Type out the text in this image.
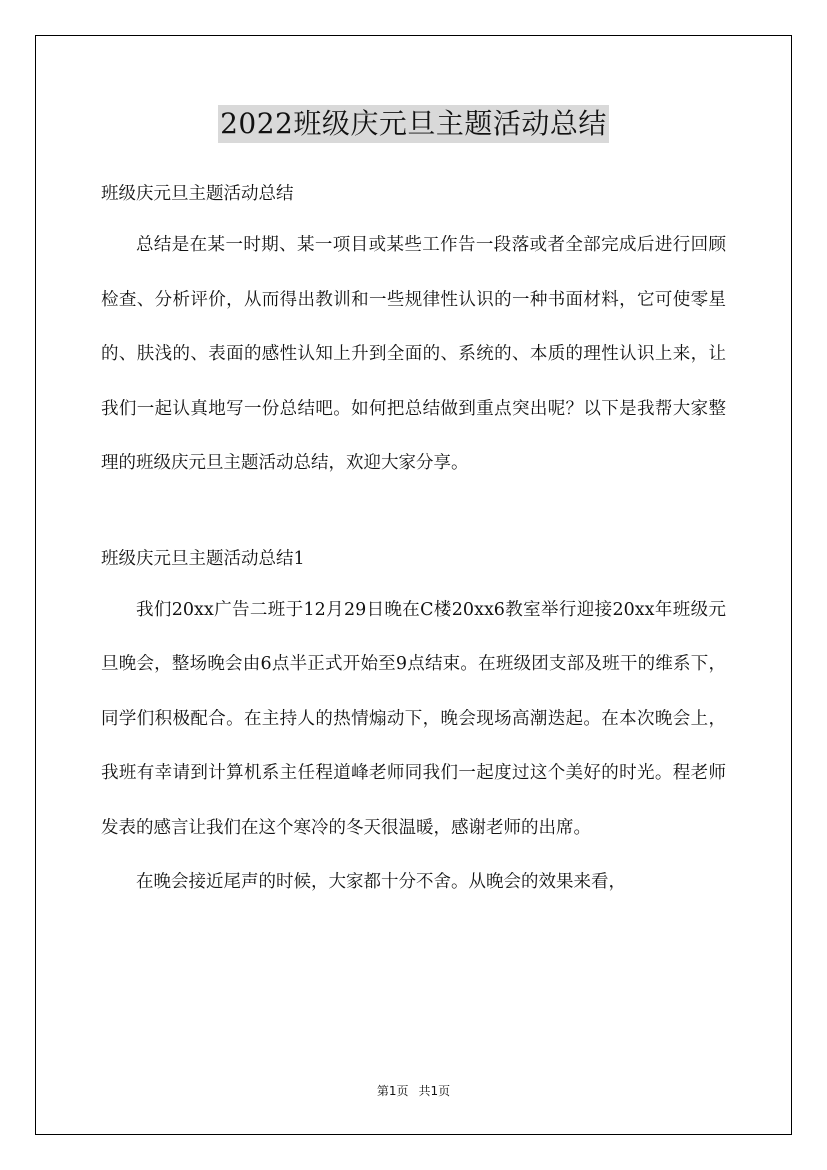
2022班级庆元旦主题活动总结

班级庆元旦主题活动总结

总结是在某一时期、某一项目或某些工作告一段落或者全部完成后进行回顾检查、分析评价，从而得出教训和一些规律性认识的一种书面材料，它可使零星的、肤浅的、表面的感性认知上升到全面的、系统的、本质的理性认识上来，让我们一起认真地写一份总结吧。如何把总结做到重点突出呢？以下是我帮大家整理的班级庆元旦主题活动总结，欢迎大家分享。

班级庆元旦主题活动总结1

我们20xx广告二班于12月29日晚在C楼20xx6教室举行迎接20xx年班级元旦晚会，整场晚会由6点半正式开始至9点结束。在班级团支部及班干的维系下，同学们积极配合。在主持人的热情煽动下，晚会现场高潮迭起。在本次晚会上，我班有幸请到计算机系主任程道峰老师同我们一起度过这个美好的时光。程老师发表的感言让我们在这个寒冷的冬天很温暖，感谢老师的出席。

在晚会接近尾声的时候，大家都十分不舍。从晚会的效果来看，

第1页 共1页
